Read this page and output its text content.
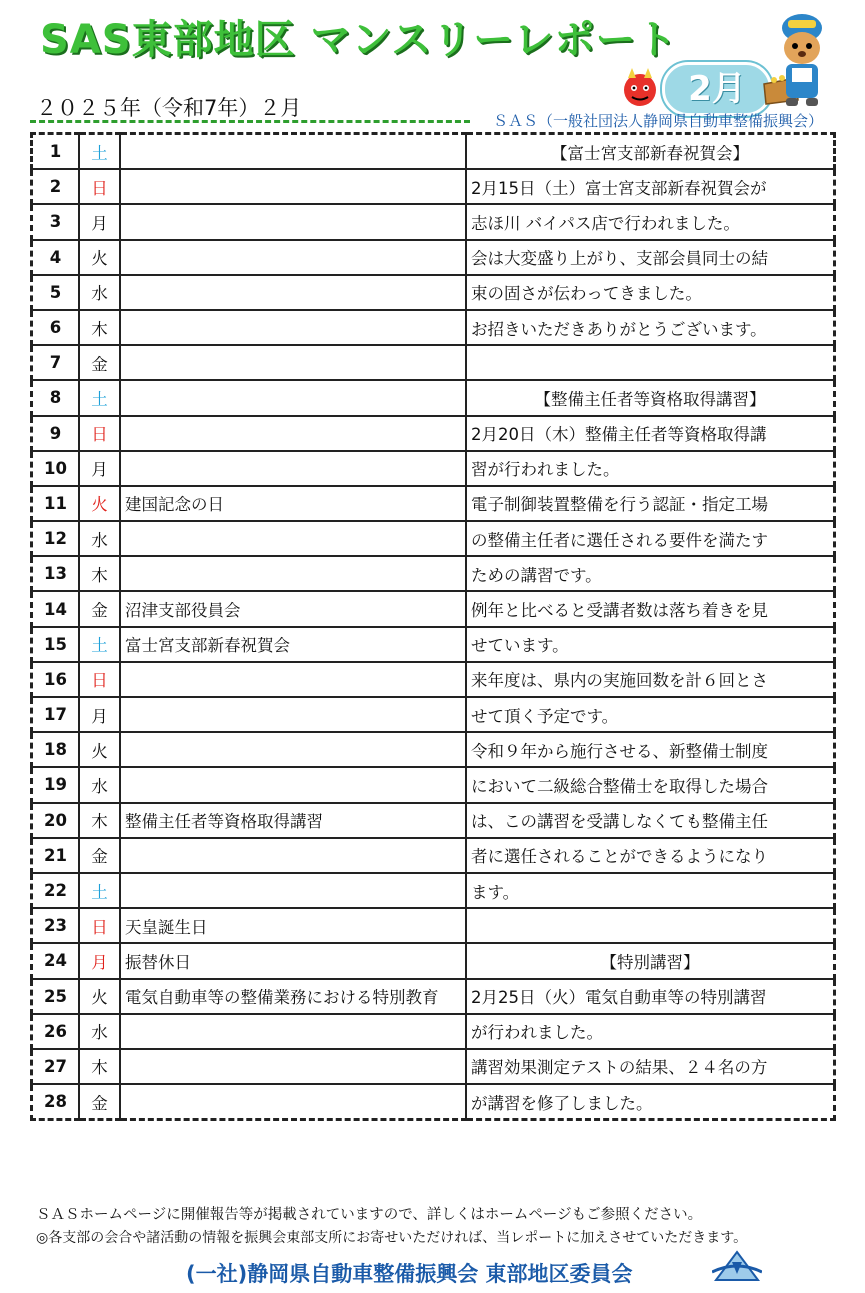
SAS東部地区 マンスリーレポート
2月
２０２５年（令和7年）２月
ＳＡＳ（一般社団法人静岡県自動車整備振興会）
1	土		【富士宮支部新春祝賀会】
2	日		2月15日（土）富士宮支部新春祝賀会が
3	月		志ほ川 バイパス店で行われました。
4	火		会は大変盛り上がり、支部会員同士の結
5	水		束の固さが伝わってきました。
6	木		お招きいただきありがとうございます。
7	金		
8	土		【整備主任者等資格取得講習】
9	日		2月20日（木）整備主任者等資格取得講
10	月		習が行われました。
11	火	建国記念の日	電子制御装置整備を行う認証・指定工場
12	水		の整備主任者に選任される要件を満たす
13	木		ための講習です。
14	金	沼津支部役員会	例年と比べると受講者数は落ち着きを見
15	土	富士宮支部新春祝賀会	せています。
16	日		来年度は、県内の実施回数を計６回とさ
17	月		せて頂く予定です。
18	火		令和９年から施行させる、新整備士制度
19	水		において二級総合整備士を取得した場合
20	木	整備主任者等資格取得講習	は、この講習を受講しなくても整備主任
21	金		者に選任されることができるようになり
22	土		ます。
23	日	天皇誕生日	
24	月	振替休日	【特別講習】
25	火	電気自動車等の整備業務における特別教育	2月25日（火）電気自動車等の特別講習
26	水		が行われました。
27	木		講習効果測定テストの結果、２４名の方
28	金		が講習を修了しました。
ＳＡＳホームページに開催報告等が掲載されていますので、詳しくはホームページもご参照ください。
◎各支部の会合や諸活動の情報を振興会東部支所にお寄せいただければ、当レポートに加えさせていただきます。
(一社)静岡県自動車整備振興会 東部地区委員会
